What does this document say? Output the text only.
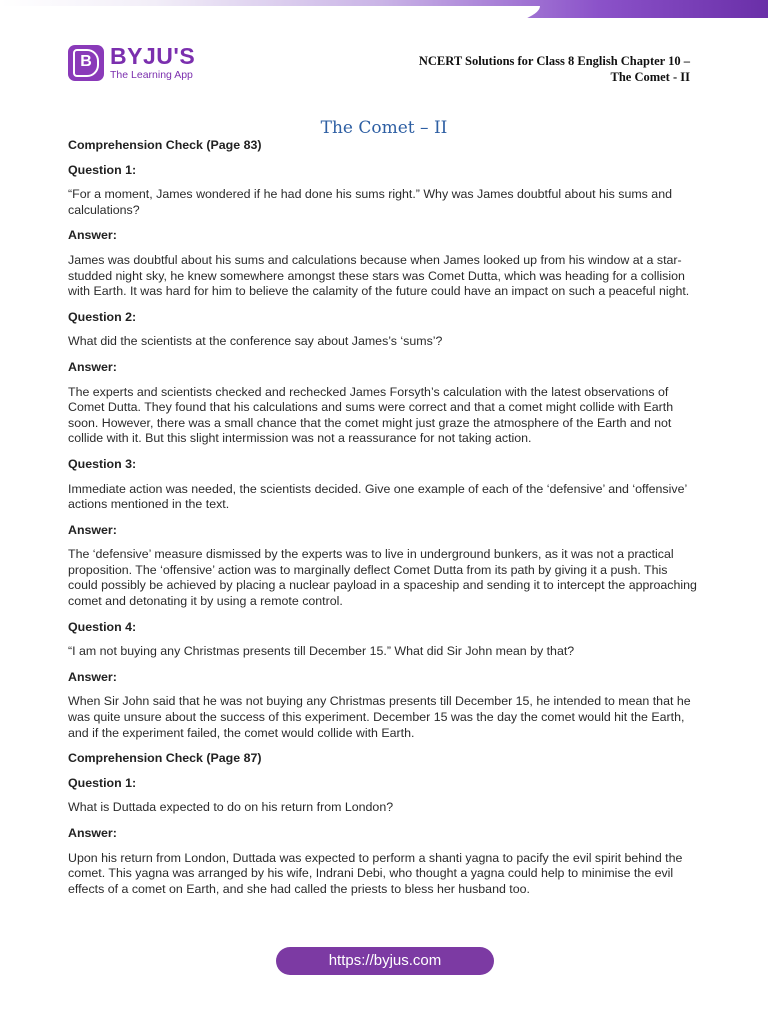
B BYJU'S
The Learning App
NCERT Solutions for Class 8 English Chapter 10 –
The Comet - II
The Comet – II

Comprehension Check (Page 83)

Question 1:

“For a moment, James wondered if he had done his sums right.” Why was James doubtful about his sums and calculations?

Answer:

James was doubtful about his sums and calculations because when James looked up from his window at a star-studded night sky, he knew somewhere amongst these stars was Comet Dutta, which was heading for a collision with Earth. It was hard for him to believe the calamity of the future could have an impact on such a peaceful night.

Question 2:

What did the scientists at the conference say about James’s ‘sums’?

Answer:

The experts and scientists checked and rechecked James Forsyth’s calculation with the latest observations of Comet Dutta. They found that his calculations and sums were correct and that a comet might collide with Earth soon. However, there was a small chance that the comet might just graze the atmosphere of the Earth and not collide with it. But this slight intermission was not a reassurance for not taking action.

Question 3:

Immediate action was needed, the scientists decided. Give one example of each of the ‘defensive’ and ‘offensive’ actions mentioned in the text.

Answer:

The ‘defensive’ measure dismissed by the experts was to live in underground bunkers, as it was not a practical proposition. The ‘offensive’ action was to marginally deflect Comet Dutta from its path by giving it a push. This could possibly be achieved by placing a nuclear payload in a spaceship and sending it to intercept the approaching comet and detonating it by using a remote control.

Question 4:

“I am not buying any Christmas presents till December 15.” What did Sir John mean by that?

Answer:

When Sir John said that he was not buying any Christmas presents till December 15, he intended to mean that he was quite unsure about the success of this experiment. December 15 was the day the comet would hit the Earth, and if the experiment failed, the comet would collide with Earth.

Comprehension Check (Page 87)

Question 1:

What is Duttada expected to do on his return from London?

Answer:

Upon his return from London, Duttada was expected to perform a shanti yagna to pacify the evil spirit behind the comet. This yagna was arranged by his wife, Indrani Debi, who thought a yagna could help to minimise the evil effects of a comet on Earth, and she had called the priests to bless her husband too.

https://byjus.com
